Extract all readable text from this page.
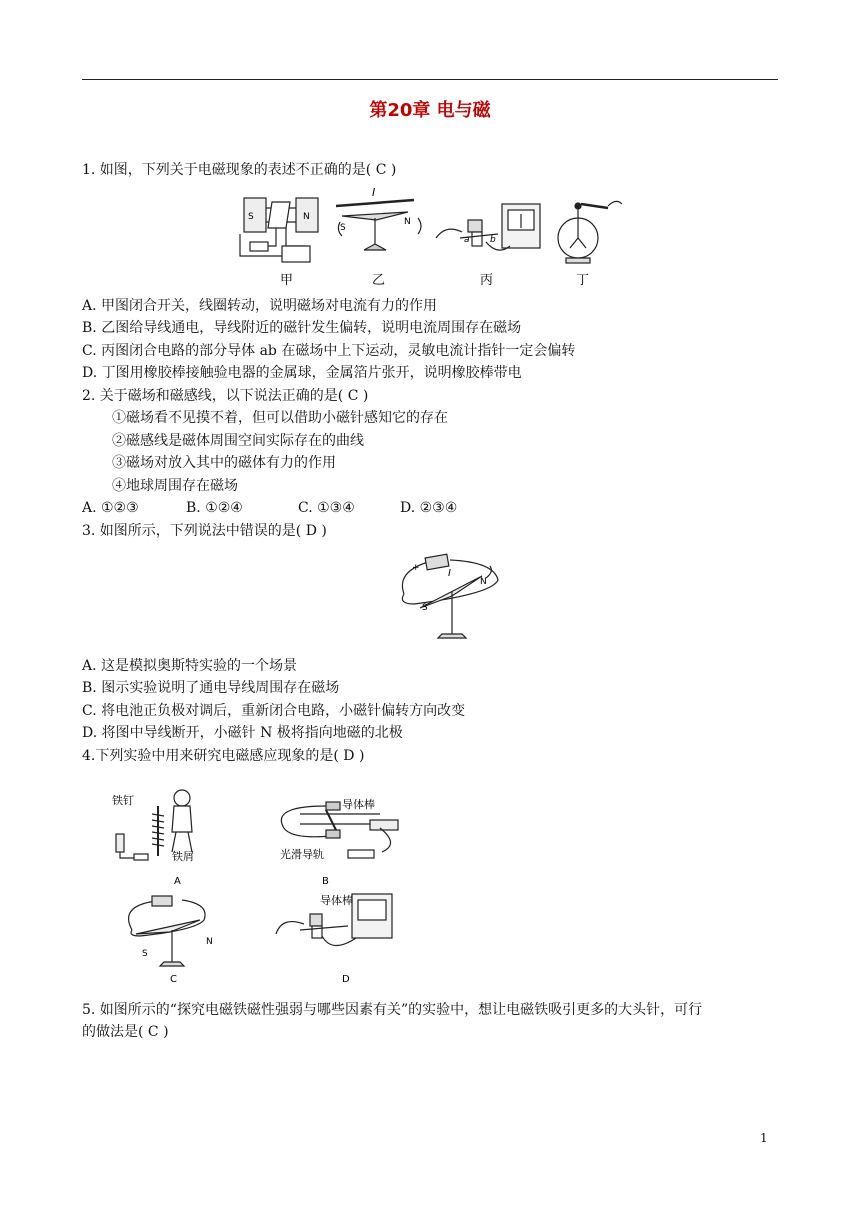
第20章 电与磁
1. 如图，下列关于电磁现象的表述不正确的是( C )
S	N
I
S
N
a b
甲	乙	丙	丁
A. 甲图闭合开关，线圈转动，说明磁场对电流有力的作用
B. 乙图给导线通电，导线附近的磁针发生偏转，说明电流周围存在磁场
C. 丙图闭合电路的部分导体 ab 在磁场中上下运动，灵敏电流计指针一定会偏转
D. 丁图用橡胶棒接触验电器的金属球，金属箔片张开，说明橡胶棒带电
2. 关于磁场和磁感线，以下说法正确的是( C )
①磁场看不见摸不着，但可以借助小磁针感知它的存在
②磁感线是磁体周围空间实际存在的曲线
③磁场对放入其中的磁体有力的作用
④地球周围存在磁场
A. ①②③	B. ①②④	C. ①③④	D. ②③④
3. 如图所示，下列说法中错误的是( D )
+	I
N
S
A. 这是模拟奥斯特实验的一个场景
B. 图示实验说明了通电导线周围存在磁场
C. 将电池正负极对调后，重新闭合电路，小磁针偏转方向改变
D. 将图中导线断开，小磁针 N 极将指向地磁的北极
4.下列实验中用来研究电磁感应现象的是( D )
铁钉
铁屑
A
导体棒
光滑导轨
B
S
N
C
导体棒
D
5. 如图所示的“探究电磁铁磁性强弱与哪些因素有关”的实验中，想让电磁铁吸引更多的大头针，可行
的做法是( C )
1
